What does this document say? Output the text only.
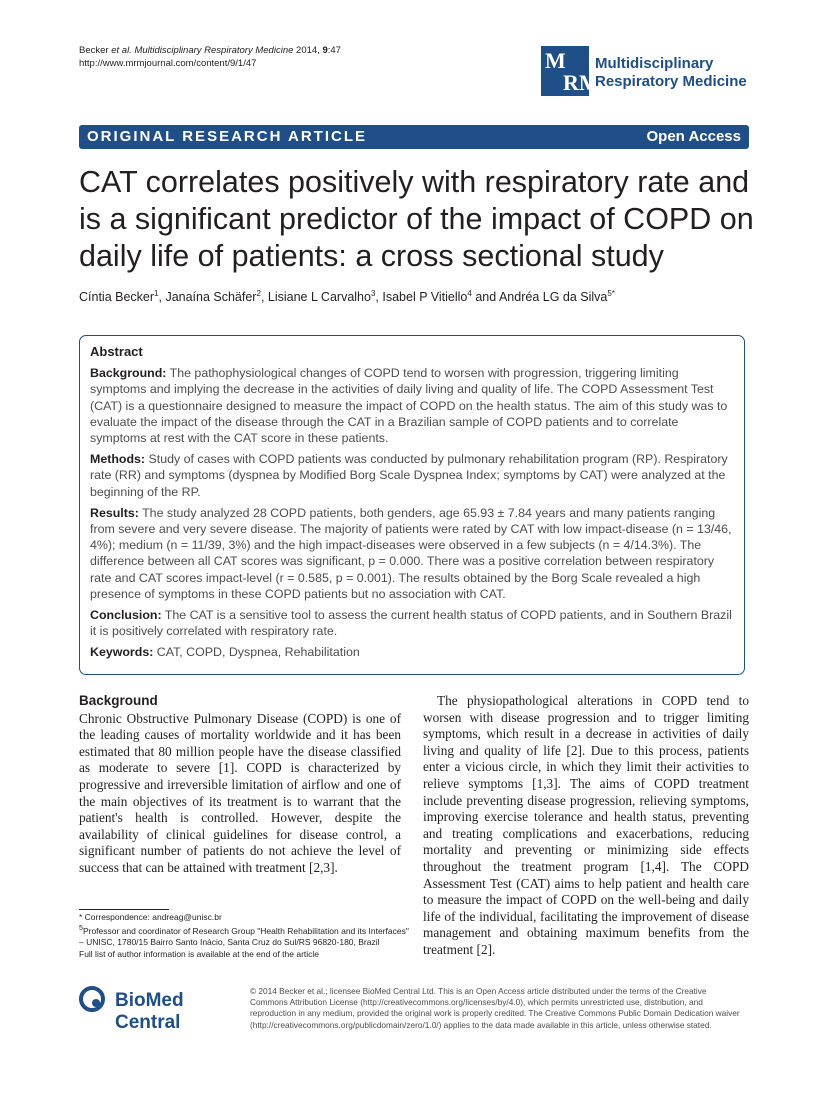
Becker et al. Multidisciplinary Respiratory Medicine 2014, 9:47
http://www.mrmjournal.com/content/9/1/47	M
RM
Multidisciplinary
Respiratory Medicine
ORIGINAL RESEARCH ARTICLE	Open Access
CAT correlates positively with respiratory rate and is a significant predictor of the impact of COPD on daily life of patients: a cross sectional study
Cíntia Becker$^1$, Janaína Schäfer$^2$, Lisiane L Carvalho$^3$, Isabel P Vitiello$^4$ and Andréa LG da Silva$^{5*}$
Abstract

Background: The pathophysiological changes of COPD tend to worsen with progression, triggering limiting symptoms and implying the decrease in the activities of daily living and quality of life. The COPD Assessment Test (CAT) is a questionnaire designed to measure the impact of COPD on the health status. The aim of this study was to evaluate the impact of the disease through the CAT in a Brazilian sample of COPD patients and to correlate symptoms at rest with the CAT score in these patients.

Methods: Study of cases with COPD patients was conducted by pulmonary rehabilitation program (RP). Respiratory rate (RR) and symptoms (dyspnea by Modified Borg Scale Dyspnea Index; symptoms by CAT) were analyzed at the beginning of the RP.

Results: The study analyzed 28 COPD patients, both genders, age 65.93 ± 7.84 years and many patients ranging from severe and very severe disease. The majority of patients were rated by CAT with low impact-disease (n = 13/46, 4%); medium (n = 11/39, 3%) and the high impact-diseases were observed in a few subjects (n = 4/14.3%). The difference between all CAT scores was significant, p = 0.000. There was a positive correlation between respiratory rate and CAT scores impact-level (r = 0.585, p = 0.001). The results obtained by the Borg Scale revealed a high presence of symptoms in these COPD patients but no association with CAT.

Conclusion: The CAT is a sensitive tool to assess the current health status of COPD patients, and in Southern Brazil it is positively correlated with respiratory rate.

Keywords: CAT, COPD, Dyspnea, Rehabilitation

Background
Chronic Obstructive Pulmonary Disease (COPD) is one of the leading causes of mortality worldwide and it has been estimated that 80 million people have the disease classified as moderate to severe [1]. COPD is characterized by progressive and irreversible limitation of airflow and one of the main objectives of its treatment is to warrant that the patient's health is controlled. However, despite the availability of clinical guidelines for disease control, a significant number of patients do not achieve the level of success that can be attained with treatment [2,3].
The physiopathological alterations in COPD tend to worsen with disease progression and to trigger limiting symptoms, which result in a decrease in activities of daily living and quality of life [2]. Due to this process, patients enter a vicious circle, in which they limit their activities to relieve symptoms [1,3]. The aims of COPD treatment include preventing disease progression, relieving symptoms, improving exercise tolerance and health status, preventing and treating complications and exacerbations, reducing mortality and preventing or minimizing side effects throughout the treatment program [1,4]. The COPD Assessment Test (CAT) aims to help patient and health care to measure the impact of COPD on the well-being and daily life of the individual, facilitating the improvement of disease management and obtaining maximum benefits from the treatment [2].
* Correspondence: andreag@unisc.br
$^5$Professor and coordinator of Research Group "Health Rehabilitation and its Interfaces" – UNISC, 1780/15 Bairro Santo Inácio, Santa Cruz do Sul/RS 96820-180, Brazil
Full list of author information is available at the end of the article
BioMed Central
© 2014 Becker et al.; licensee BioMed Central Ltd. This is an Open Access article distributed under the terms of the Creative Commons Attribution License (http://creativecommons.org/licenses/by/4.0), which permits unrestricted use, distribution, and reproduction in any medium, provided the original work is properly credited. The Creative Commons Public Domain Dedication waiver (http://creativecommons.org/publicdomain/zero/1.0/) applies to the data made available in this article, unless otherwise stated.
